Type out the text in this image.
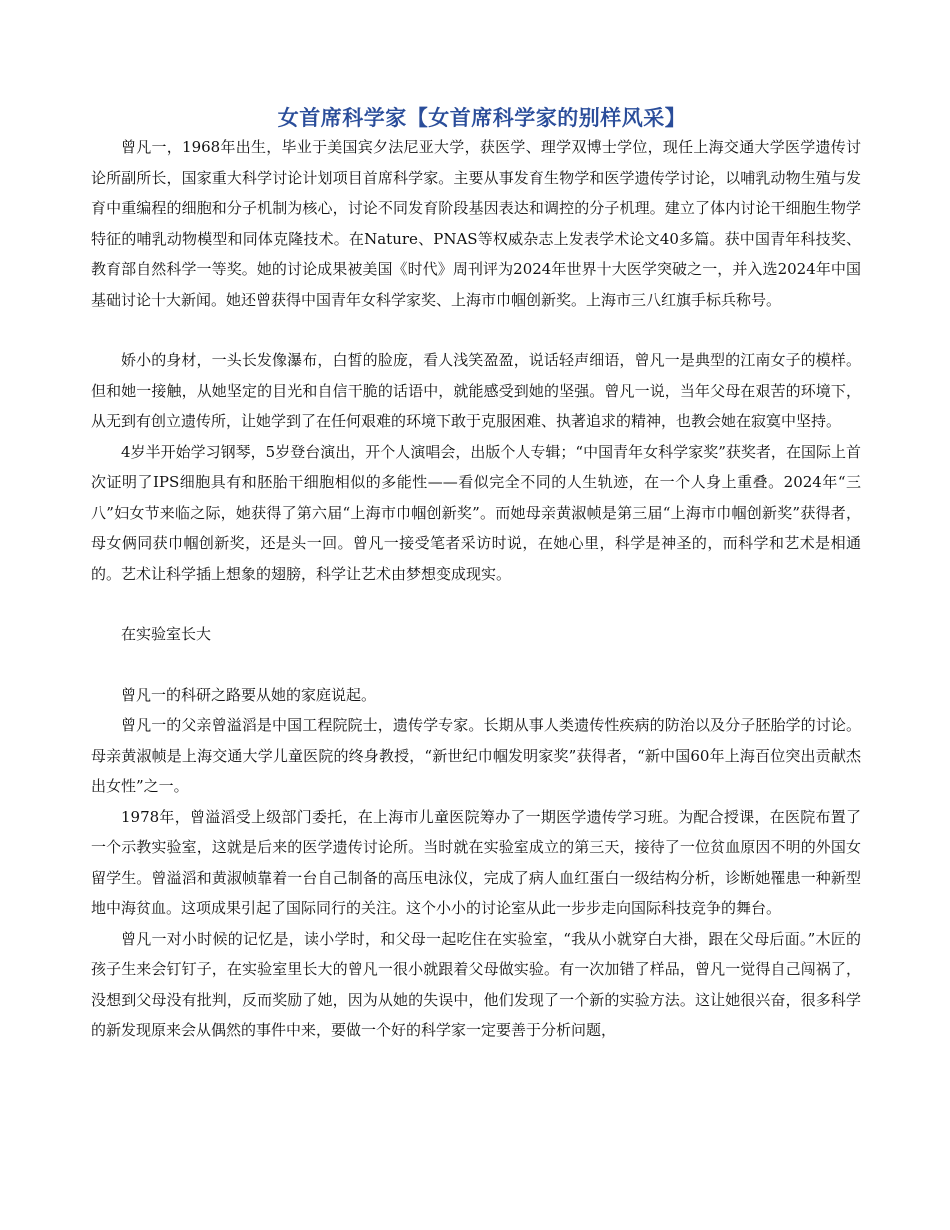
女首席科学家【女首席科学家的别样风采】

曾凡一，1968年出生，毕业于美国宾夕法尼亚大学，获医学、理学双博士学位，现任上海交通大学医学遗传讨论所副所长，国家重大科学讨论计划项目首席科学家。主要从事发育生物学和医学遗传学讨论，以哺乳动物生殖与发育中重编程的细胞和分子机制为核心，讨论不同发育阶段基因表达和调控的分子机理。建立了体内讨论干细胞生物学特征的哺乳动物模型和同体克隆技术。在Nature、PNAS等权威杂志上发表学术论文40多篇。获中国青年科技奖、教育部自然科学一等奖。她的讨论成果被美国《时代》周刊评为2024年世界十大医学突破之一，并入选2024年中国基础讨论十大新闻。她还曾获得中国青年女科学家奖、上海市巾帼创新奖。上海市三八红旗手标兵称号。

娇小的身材，一头长发像瀑布，白皙的脸庞，看人浅笑盈盈，说话轻声细语，曾凡一是典型的江南女子的模样。但和她一接触，从她坚定的目光和自信干脆的话语中，就能感受到她的坚强。曾凡一说，当年父母在艰苦的环境下，从无到有创立遗传所，让她学到了在任何艰难的环境下敢于克服困难、执著追求的精神，也教会她在寂寞中坚持。

4岁半开始学习钢琴，5岁登台演出，开个人演唱会，出版个人专辑；“中国青年女科学家奖”获奖者，在国际上首次证明了IPS细胞具有和胚胎干细胞相似的多能性——看似完全不同的人生轨迹，在一个人身上重叠。2024年“三八”妇女节来临之际，她获得了第六届“上海市巾帼创新奖”。而她母亲黄淑帧是第三届“上海市巾帼创新奖”获得者，母女俩同获巾帼创新奖，还是头一回。曾凡一接受笔者采访时说，在她心里，科学是神圣的，而科学和艺术是相通的。艺术让科学插上想象的翅膀，科学让艺术由梦想变成现实。

在实验室长大

曾凡一的科研之路要从她的家庭说起。

曾凡一的父亲曾溢滔是中国工程院院士，遗传学专家。长期从事人类遗传性疾病的防治以及分子胚胎学的讨论。母亲黄淑帧是上海交通大学儿童医院的终身教授，“新世纪巾帼发明家奖”获得者，“新中国60年上海百位突出贡献杰出女性”之一。

1978年，曾溢滔受上级部门委托，在上海市儿童医院筹办了一期医学遗传学习班。为配合授课，在医院布置了一个示教实验室，这就是后来的医学遗传讨论所。当时就在实验室成立的第三天，接待了一位贫血原因不明的外国女留学生。曾溢滔和黄淑帧靠着一台自己制备的高压电泳仪，完成了病人血红蛋白一级结构分析，诊断她罹患一种新型地中海贫血。这项成果引起了国际同行的关注。这个小小的讨论室从此一步步走向国际科技竞争的舞台。

曾凡一对小时候的记忆是，读小学时，和父母一起吃住在实验室，“我从小就穿白大褂，跟在父母后面。”木匠的孩子生来会钉钉子，在实验室里长大的曾凡一很小就跟着父母做实验。有一次加错了样品，曾凡一觉得自己闯祸了，没想到父母没有批判，反而奖励了她，因为从她的失误中，他们发现了一个新的实验方法。这让她很兴奋，很多科学的新发现原来会从偶然的事件中来，要做一个好的科学家一定要善于分析问题，
